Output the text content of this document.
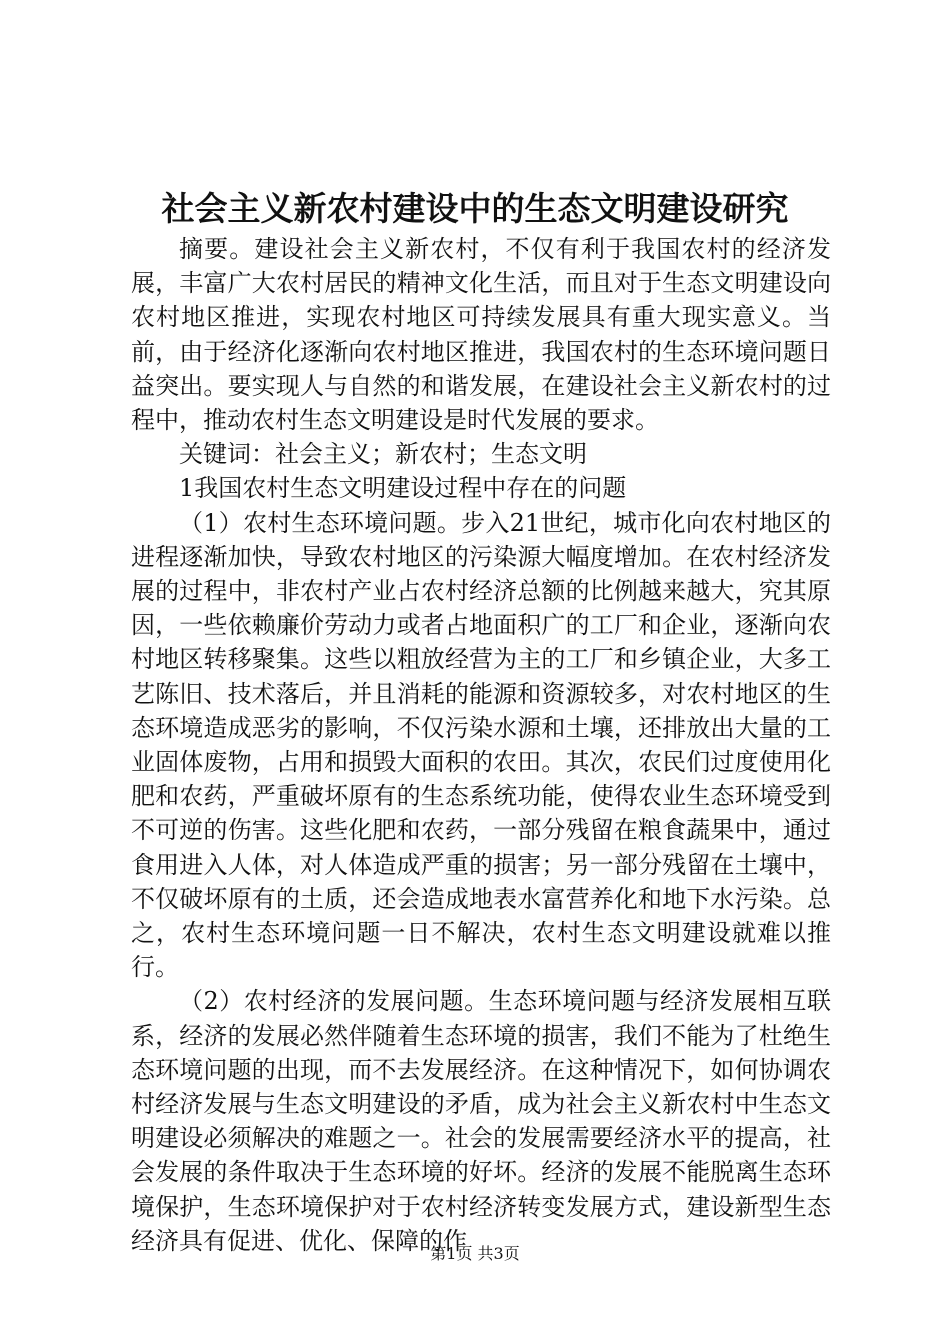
社会主义新农村建设中的生态文明建设研究

摘要。建设社会主义新农村，不仅有利于我国农村的经济发展，丰富广大农村居民的精神文化生活，而且对于生态文明建设向农村地区推进，实现农村地区可持续发展具有重大现实意义。当前，由于经济化逐渐向农村地区推进，我国农村的生态环境问题日益突出。要实现人与自然的和谐发展，在建设社会主义新农村的过程中，推动农村生态文明建设是时代发展的要求。

关键词：社会主义；新农村；生态文明

1我国农村生态文明建设过程中存在的问题

（1）农村生态环境问题。步入21世纪，城市化向农村地区的进程逐渐加快，导致农村地区的污染源大幅度增加。在农村经济发展的过程中，非农村产业占农村经济总额的比例越来越大，究其原因，一些依赖廉价劳动力或者占地面积广的工厂和企业，逐渐向农村地区转移聚集。这些以粗放经营为主的工厂和乡镇企业，大多工艺陈旧、技术落后，并且消耗的能源和资源较多，对农村地区的生态环境造成恶劣的影响，不仅污染水源和土壤，还排放出大量的工业固体废物，占用和损毁大面积的农田。其次，农民们过度使用化肥和农药，严重破坏原有的生态系统功能，使得农业生态环境受到不可逆的伤害。这些化肥和农药，一部分残留在粮食蔬果中，通过食用进入人体，对人体造成严重的损害；另一部分残留在土壤中，不仅破坏原有的土质，还会造成地表水富营养化和地下水污染。总之，农村生态环境问题一日不解决，农村生态文明建设就难以推行。

（2）农村经济的发展问题。生态环境问题与经济发展相互联系，经济的发展必然伴随着生态环境的损害，我们不能为了杜绝生态环境问题的出现，而不去发展经济。在这种情况下，如何协调农村经济发展与生态文明建设的矛盾，成为社会主义新农村中生态文明建设必须解决的难题之一。社会的发展需要经济水平的提高，社会发展的条件取决于生态环境的好坏。经济的发展不能脱离生态环境保护，生态环境保护对于农村经济转变发展方式，建设新型生态经济具有促进、优化、保障的作

第1页 共3页
